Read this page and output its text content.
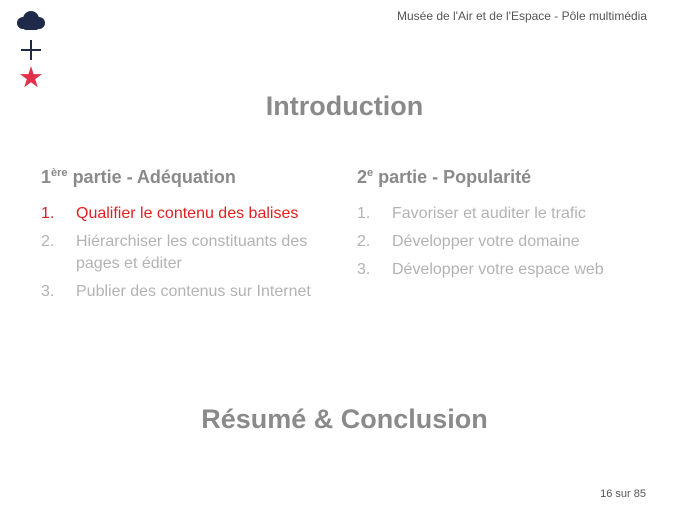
Musée de l'Air et de l'Espace - Pôle multimédia
Introduction
1ère partie - Adéquation
1.	Qualifier le contenu des balises
2.	Hiérarchiser les constituants des pages et éditer
3.	Publier des contenus sur Internet
2e partie - Popularité
1.	Favoriser et auditer le trafic
2.	Développer votre domaine
3.	Développer votre espace web
Résumé & Conclusion
16 sur 85
